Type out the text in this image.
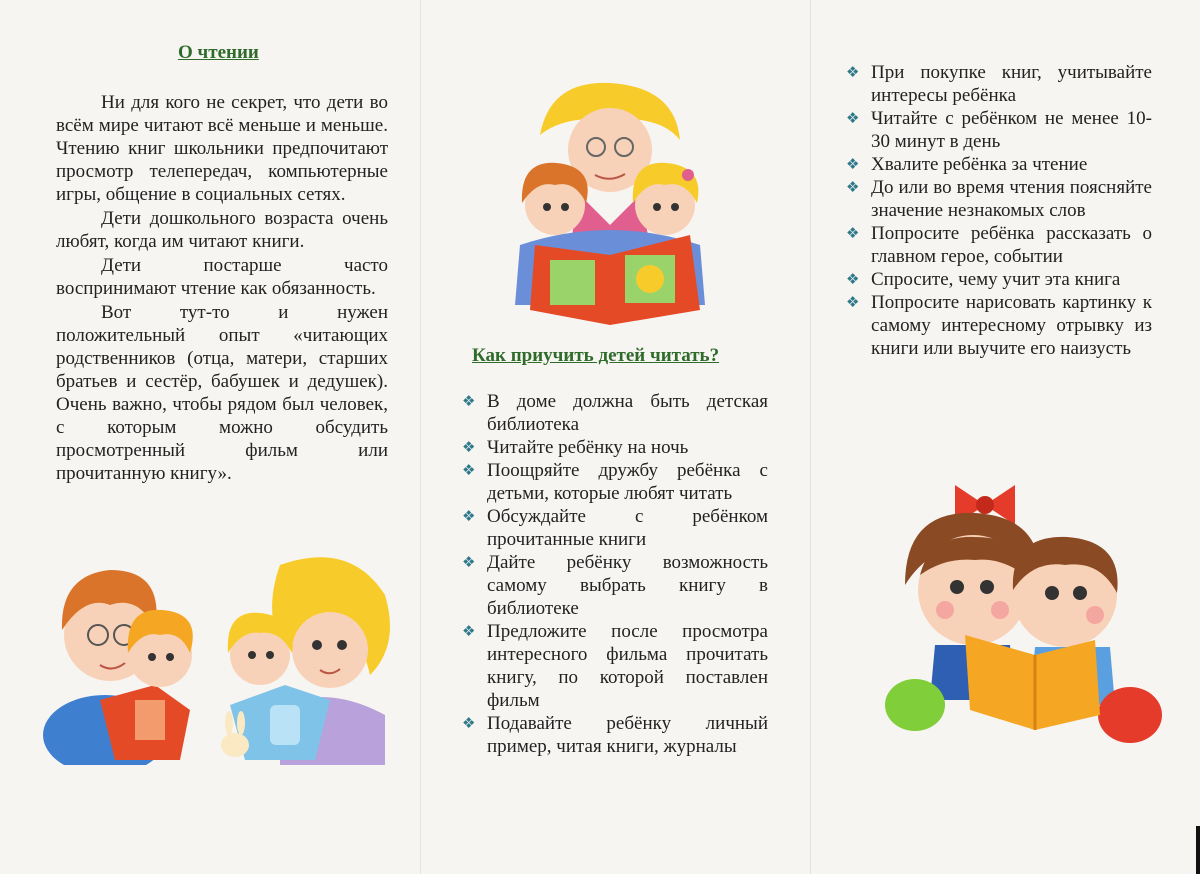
О чтении

Ни для кого не секрет, что дети во всём мире читают всё меньше и меньше. Чтению книг школьники предпочитают просмотр телепередач, компьютерные игры, общение в социальных сетях.

Дети дошкольного возраста очень любят, когда им читают книги.

Дети постарше часто воспринимают чтение как обязанность.

Вот тут-то и нужен положительный опыт «читающих родственников (отца, матери, старших братьев и сестёр, бабушек и дедушек). Очень важно, чтобы рядом был человек, с которым можно обсудить просмотренный фильм или прочитанную книгу».

Как приучить детей читать?
❖ В доме должна быть детская библиотека
❖ Читайте ребёнку на ночь
❖ Поощряйте дружбу ребёнка с детьми, которые любят читать
❖ Обсуждайте с ребёнком прочитанные книги
❖ Дайте ребёнку возможность самому выбрать книгу в библиотеке
❖ Предложите после просмотра интересного фильма прочитать книгу, по которой поставлен фильм
❖ Подавайте ребёнку личный пример, читая книги, журналы
❖ При покупке книг, учитывайте интересы ребёнка
❖ Читайте с ребёнком не менее 10-30 минут в день
❖ Хвалите ребёнка за чтение
❖ До или во время чтения поясняйте значение незнакомых слов
❖ Попросите ребёнка рассказать о главном герое, событии
❖ Спросите, чему учит эта книга
❖ Попросите нарисовать картинку к самому интересному отрывку из книги или выучите его наизусть
